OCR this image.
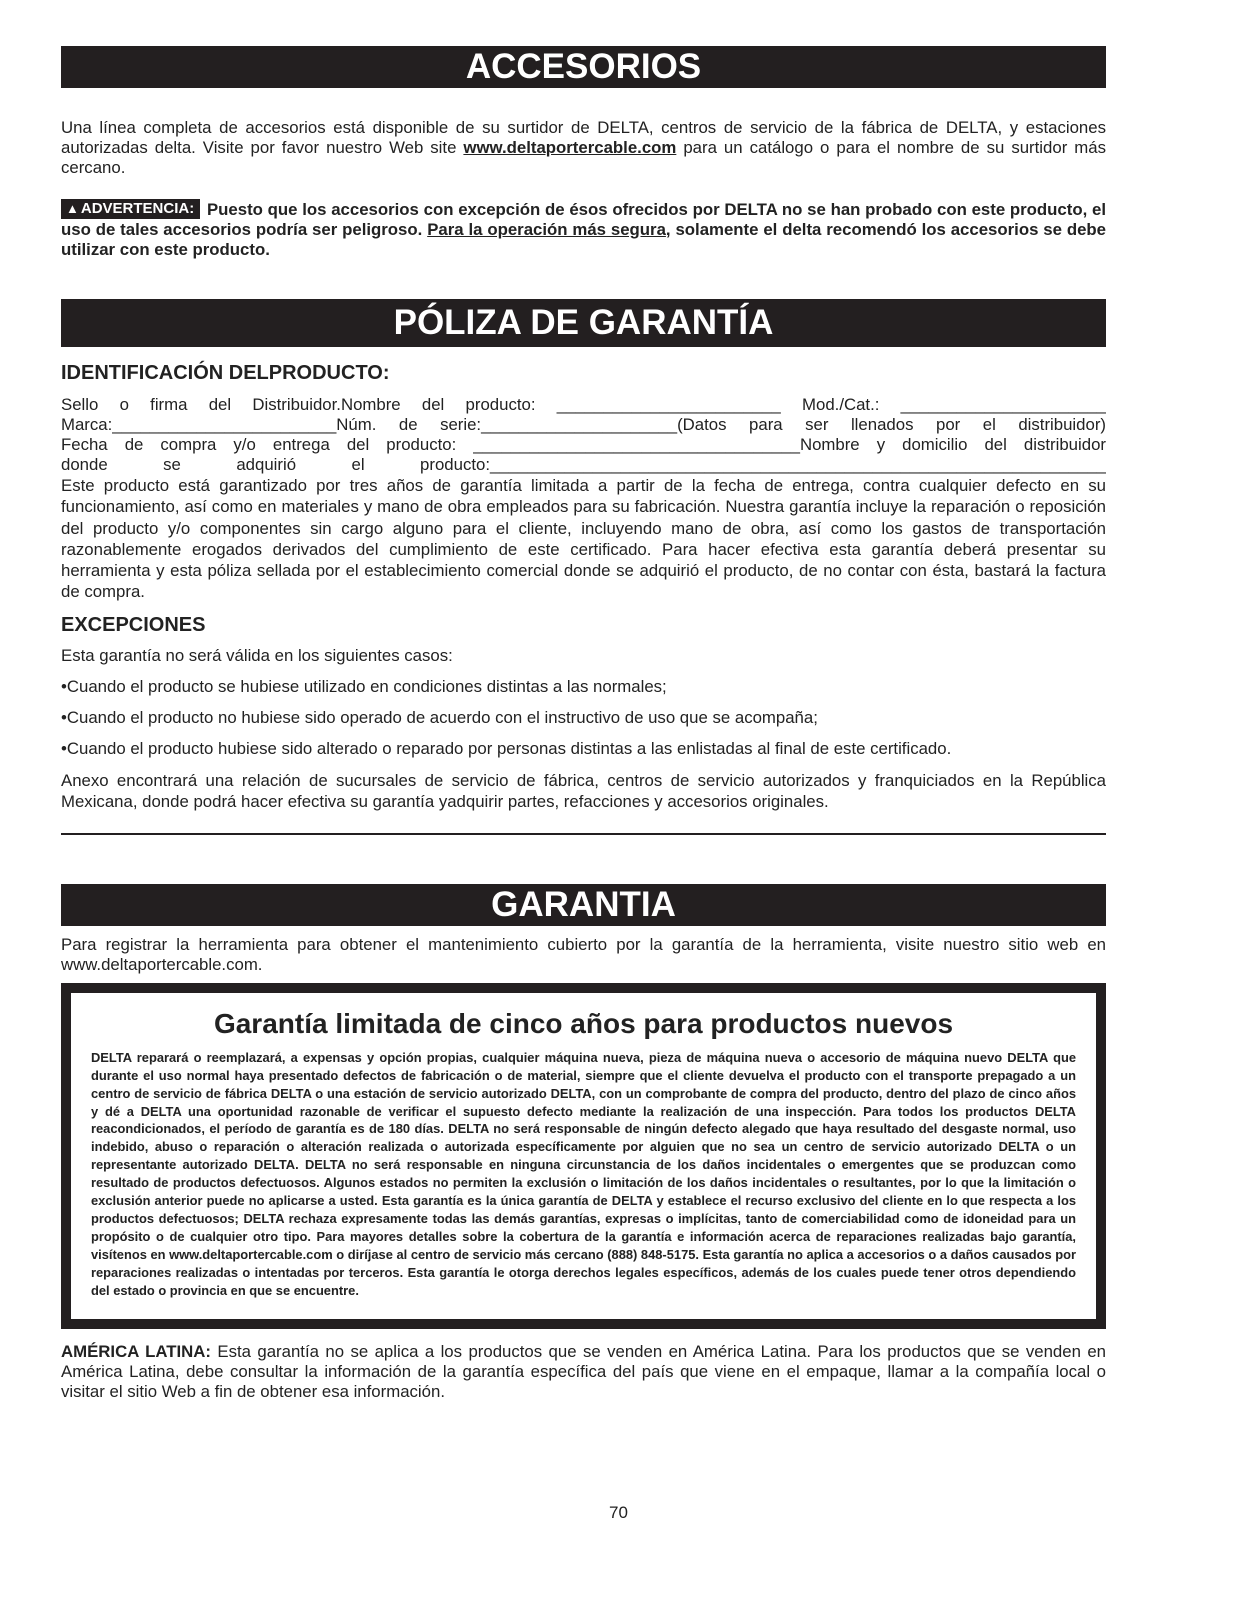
ACCESORIOS

Una línea completa de accesorios está disponible de su surtidor de DELTA, centros de servicio de la fábrica de DELTA, y estaciones autorizadas delta. Visite por favor nuestro Web site www.deltaportercable.com para un catálogo o para el nombre de su surtidor más cercano.

▲ ADVERTENCIA: Puesto que los accesorios con excepción de ésos ofrecidos por DELTA no se han probado con este producto, el uso de tales accesorios podría ser peligroso. Para la operación más segura, solamente el delta recomendó los accesorios se debe utilizar con este producto.

PÓLIZA DE GARANTÍA
IDENTIFICACIÓN DELPRODUCTO:

Sello o firma del Distribuidor.Nombre del producto: ________________________ Mod./Cat.: ______________________

Marca:________________________Núm. de serie:_____________________(Datos para ser llenados por el distribuidor)

Fecha de compra y/o entrega del producto: ___________________________________Nombre y domicilio del distribuidor

donde se adquirió el producto:__________________________________________________________________

Este producto está garantizado por tres años de garantía limitada a partir de la fecha de entrega, contra cualquier defecto en su funcionamiento, así como en materiales y mano de obra empleados para su fabricación. Nuestra garantía incluye la reparación o reposición del producto y/o componentes sin cargo alguno para el cliente, incluyendo mano de obra, así como los gastos de transportación razonablemente erogados derivados del cumplimiento de este certificado. Para hacer efectiva esta garantía deberá presentar su herramienta y esta póliza sellada por el establecimiento comercial donde se adquirió el producto, de no contar con ésta, bastará la factura de compra.

EXCEPCIONES

Esta garantía no será válida en los siguientes casos:

•Cuando el producto se hubiese utilizado en condiciones distintas a las normales;

•Cuando el producto no hubiese sido operado de acuerdo con el instructivo de uso que se acompaña;

•Cuando el producto hubiese sido alterado o reparado por personas distintas a las enlistadas al final de este certificado.

Anexo encontrará una relación de sucursales de servicio de fábrica, centros de servicio autorizados y franquiciados en la República Mexicana, donde podrá hacer efectiva su garantía yadquirir partes, refacciones y accesorios originales.

GARANTIA

Para registrar la herramienta para obtener el mantenimiento cubierto por la garantía de la herramienta, visite nuestro sitio web en www.deltaportercable.com.

Garantía limitada de cinco años para productos nuevos

DELTA reparará o reemplazará, a expensas y opción propias, cualquier máquina nueva, pieza de máquina nueva o accesorio de máquina nuevo DELTA que durante el uso normal haya presentado defectos de fabricación o de material, siempre que el cliente devuelva el producto con el transporte prepagado a un centro de servicio de fábrica DELTA o una estación de servicio autorizado DELTA, con un comprobante de compra del producto, dentro del plazo de cinco años y dé a DELTA una oportunidad razonable de verificar el supuesto defecto mediante la realización de una inspección. Para todos los productos DELTA reacondicionados, el período de garantía es de 180 días. DELTA no será responsable de ningún defecto alegado que haya resultado del desgaste normal, uso indebido, abuso o reparación o alteración realizada o autorizada específicamente por alguien que no sea un centro de servicio autorizado DELTA o un representante autorizado DELTA. DELTA no será responsable en ninguna circunstancia de los daños incidentales o emergentes que se produzcan como resultado de productos defectuosos. Algunos estados no permiten la exclusión o limitación de los daños incidentales o resultantes, por lo que la limitación o exclusión anterior puede no aplicarse a usted. Esta garantía es la única garantía de DELTA y establece el recurso exclusivo del cliente en lo que respecta a los productos defectuosos; DELTA rechaza expresamente todas las demás garantías, expresas o implícitas, tanto de comerciabilidad como de idoneidad para un propósito o de cualquier otro tipo. Para mayores detalles sobre la cobertura de la garantía e información acerca de reparaciones realizadas bajo garantía, visítenos en www.deltaportercable.com o diríjase al centro de servicio más cercano (888) 848-5175. Esta garantía no aplica a accesorios o a daños causados por reparaciones realizadas o intentadas por terceros. Esta garantía le otorga derechos legales específicos, además de los cuales puede tener otros dependiendo del estado o provincia en que se encuentre.

AMÉRICA LATINA: Esta garantía no se aplica a los productos que se venden en América Latina. Para los productos que se venden en América Latina, debe consultar la información de la garantía específica del país que viene en el empaque, llamar a la compañía local o visitar el sitio Web a fin de obtener esa información.

70
